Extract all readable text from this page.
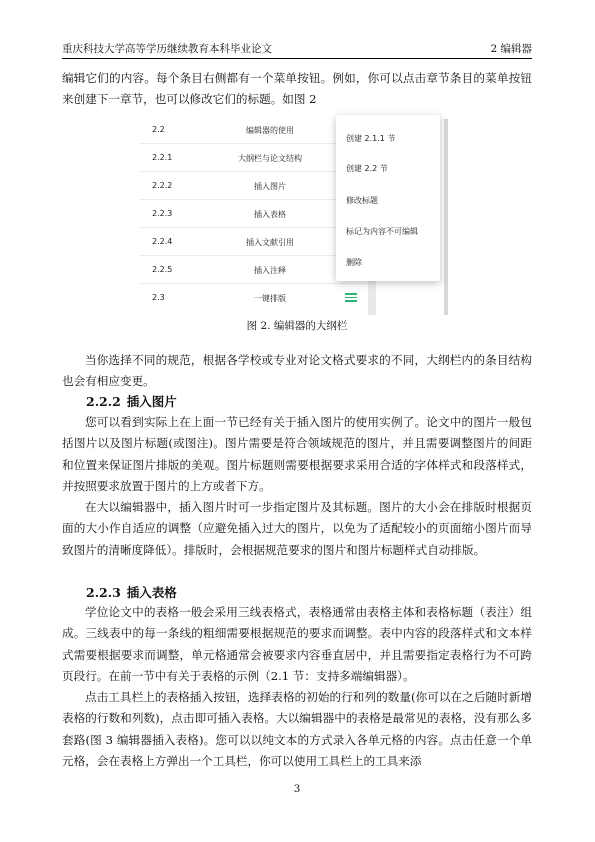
重庆科技大学高等学历继续教育本科毕业论文	2 编辑器

编辑它们的内容。每个条目右侧都有一个菜单按钮。例如，你可以点击章节条目的菜单按钮来创建下一章节，也可以修改它们的标题。如图 2

2.2	编辑器的使用
2.2.1	大纲栏与论文结构
2.2.2	插入图片
2.2.3	插入表格
2.2.4	插入文献引用
2.2.5	插入注释
2.3	一键排版
创建 2.1.1 节
创建 2.2 节
修改标题
标记为内容不可编辑
删除
图 2. 编辑器的大纲栏

当你选择不同的规范，根据各学校或专业对论文格式要求的不同，大纲栏内的条目结构也会有相应变更。

2.2.2 插入图片

您可以看到实际上在上面一节已经有关于插入图片的使用实例了。论文中的图片一般包括图片以及图片标题(或图注)。图片需要是符合领域规范的图片，并且需要调整图片的间距和位置来保证图片排版的美观。图片标题则需要根据要求采用合适的字体样式和段落样式，并按照要求放置于图片的上方或者下方。

在大以编辑器中，插入图片时可一步指定图片及其标题。图片的大小会在排版时根据页面的大小作自适应的调整（应避免插入过大的图片，以免为了适配较小的页面缩小图片而导致图片的清晰度降低）。排版时，会根据规范要求的图片和图片标题样式自动排版。

2.2.3 插入表格

学位论文中的表格一般会采用三线表格式，表格通常由表格主体和表格标题（表注）组成。三线表中的每一条线的粗细需要根据规范的要求而调整。表中内容的段落样式和文本样式需要根据要求而调整，单元格通常会被要求内容垂直居中，并且需要指定表格行为不可跨页段行。在前一节中有关于表格的示例（2.1 节：支持多端编辑器）。

点击工具栏上的表格插入按钮，选择表格的初始的行和列的数量(你可以在之后随时新增表格的行数和列数)，点击即可插入表格。大以编辑器中的表格是最常见的表格，没有那么多套路(图 3 编辑器插入表格)。您可以以纯文本的方式录入各单元格的内容。点击任意一个单元格，会在表格上方弹出一个工具栏，你可以使用工具栏上的工具来添

3
